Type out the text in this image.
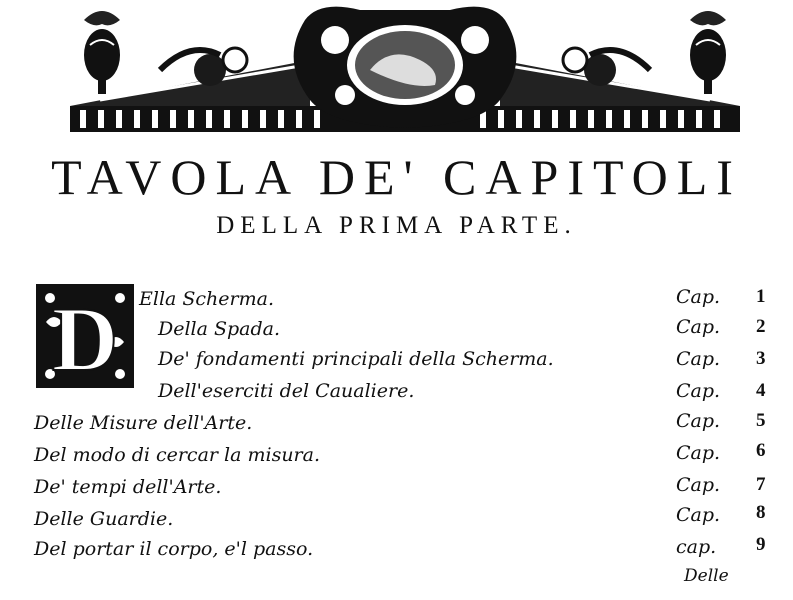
TAVOLA DE' CAPITOLI
DELLA PRIMA PARTE.
D Ella Scherma.
Della Spada.
De' fondamenti principali della Scherma.
Dell'eserciti del Caualiere.
Delle Misure dell'Arte.
Del modo di cercar la misura.
De' tempi dell'Arte.
Delle Guardie.
Del portar il corpo, e'l passo.
Cap.
Cap.
Cap.
Cap.
Cap.
Cap.
Cap.
Cap.
cap.
1
2
3
4
5
6
7
8
9
Delle
